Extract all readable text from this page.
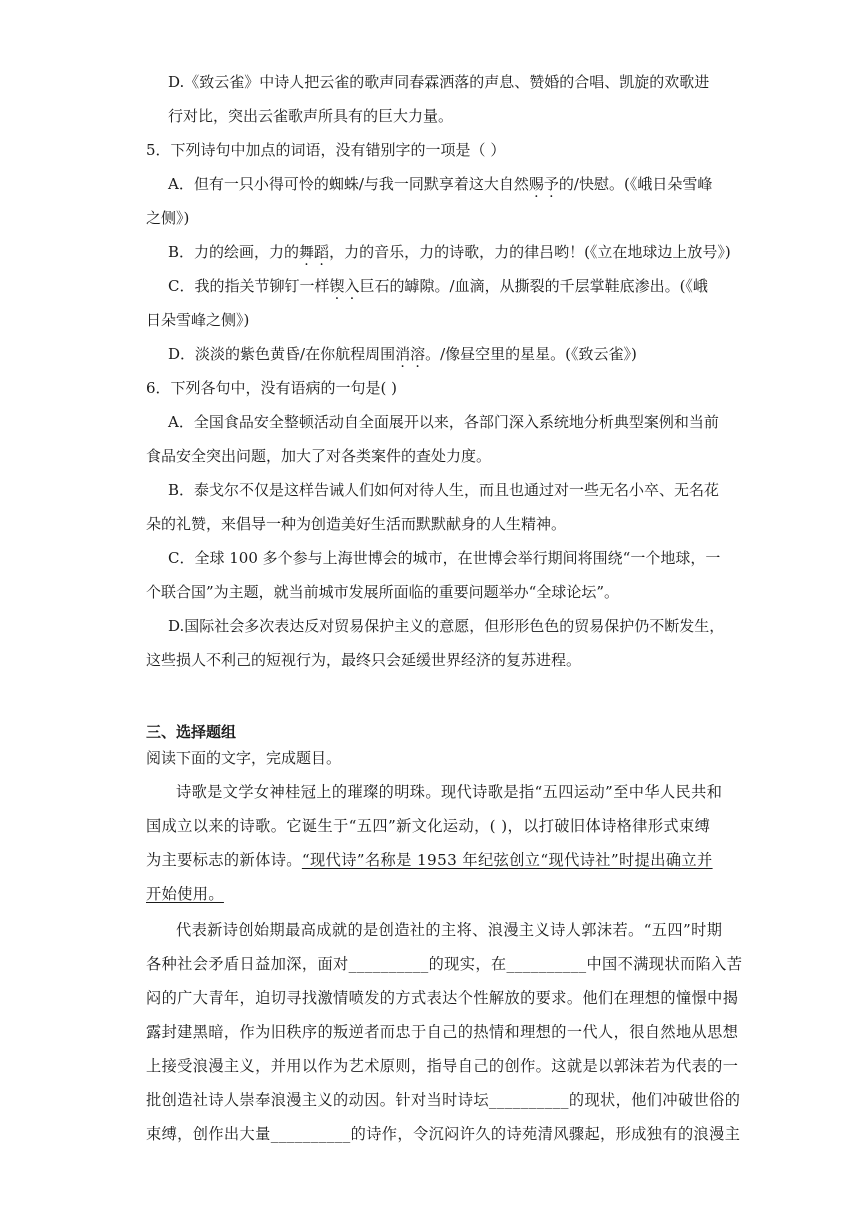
D.《致云雀》中诗人把云雀的歌声同春霖洒落的声息、赞婚的合唱、凯旋的欢歌进
行对比，突出云雀歌声所具有的巨大力量。
5．下列诗句中加点的词语，没有错别字的一项是（ ）
A．但有一只小得可怜的蜘蛛/与我一同默享着这大自然赐予的/快慰。(《峨日朵雪峰
之侧》)
B．力的绘画，力的舞蹈，力的音乐，力的诗歌，力的律吕哟！(《立在地球边上放号》)
C．我的指关节铆钉一样锲入巨石的罅隙。/血滴，从撕裂的千层掌鞋底渗出。(《峨
日朵雪峰之侧》)
D．淡淡的紫色黄昏/在你航程周围消溶。/像昼空里的星星。(《致云雀》)
6．下列各句中，没有语病的一句是( )
A．全国食品安全整顿活动自全面展开以来，各部门深入系统地分析典型案例和当前
食品安全突出问题，加大了对各类案件的查处力度。
B．泰戈尔不仅是这样告诫人们如何对待人生，而且也通过对一些无名小卒、无名花
朵的礼赞，来倡导一种为创造美好生活而默默献身的人生精神。
C．全球 100 多个参与上海世博会的城市，在世博会举行期间将围绕“一个地球，一
个联合国”为主题，就当前城市发展所面临的重要问题举办“全球论坛”。
D.国际社会多次表达反对贸易保护主义的意愿，但形形色色的贸易保护仍不断发生，
这些损人不利己的短视行为，最终只会延缓世界经济的复苏进程。
三、选择题组
阅读下面的文字，完成题目。
诗歌是文学女神桂冠上的璀璨的明珠。现代诗歌是指“五四运动”至中华人民共和
国成立以来的诗歌。它诞生于“五四”新文化运动，( )，以打破旧体诗格律形式束缚
为主要标志的新体诗。“现代诗”名称是 1953 年纪弦创立“现代诗社”时提出确立并
开始使用。
代表新诗创始期最高成就的是创造社的主将、浪漫主义诗人郭沫若。“五四”时期
各种社会矛盾日益加深，面对__________的现实，在__________中国不满现状而陷入苦
闷的广大青年，迫切寻找激情喷发的方式表达个性解放的要求。他们在理想的憧憬中揭
露封建黑暗，作为旧秩序的叛逆者而忠于自己的热情和理想的一代人，很自然地从思想
上接受浪漫主义，并用以作为艺术原则，指导自己的创作。这就是以郭沫若为代表的一
批创造社诗人崇奉浪漫主义的动因。针对当时诗坛__________的现状，他们冲破世俗的
束缚，创作出大量__________的诗作，令沉闷许久的诗苑清风骤起，形成独有的浪漫主
